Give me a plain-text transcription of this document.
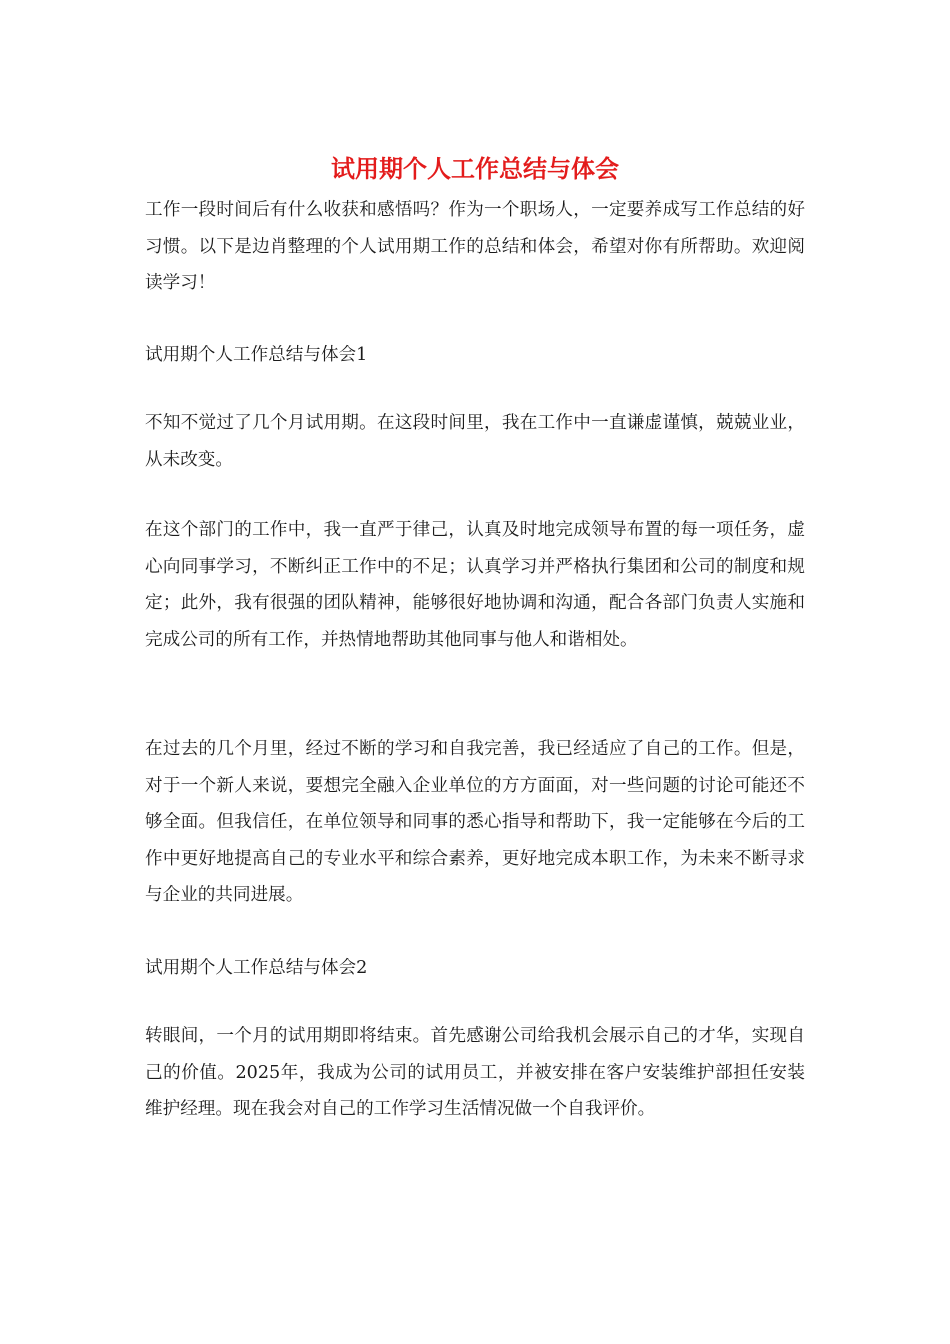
试用期个人工作总结与体会

工作一段时间后有什么收获和感悟吗？作为一个职场人，一定要养成写工作总结的好习惯。以下是边肖整理的个人试用期工作的总结和体会，希望对你有所帮助。欢迎阅读学习！

试用期个人工作总结与体会1

不知不觉过了几个月试用期。在这段时间里，我在工作中一直谦虚谨慎，兢兢业业，从未改变。

在这个部门的工作中，我一直严于律己，认真及时地完成领导布置的每一项任务，虚心向同事学习，不断纠正工作中的不足；认真学习并严格执行集团和公司的制度和规定；此外，我有很强的团队精神，能够很好地协调和沟通，配合各部门负责人实施和完成公司的所有工作，并热情地帮助其他同事与他人和谐相处。

在过去的几个月里，经过不断的学习和自我完善，我已经适应了自己的工作。但是，对于一个新人来说，要想完全融入企业单位的方方面面，对一些问题的讨论可能还不够全面。但我信任，在单位领导和同事的悉心指导和帮助下，我一定能够在今后的工作中更好地提高自己的专业水平和综合素养，更好地完成本职工作，为未来不断寻求与企业的共同进展。

试用期个人工作总结与体会2

转眼间，一个月的试用期即将结束。首先感谢公司给我机会展示自己的才华，实现自己的价值。2025年，我成为公司的试用员工，并被安排在客户安装维护部担任安装维护经理。现在我会对自己的工作学习生活情况做一个自我评价。
